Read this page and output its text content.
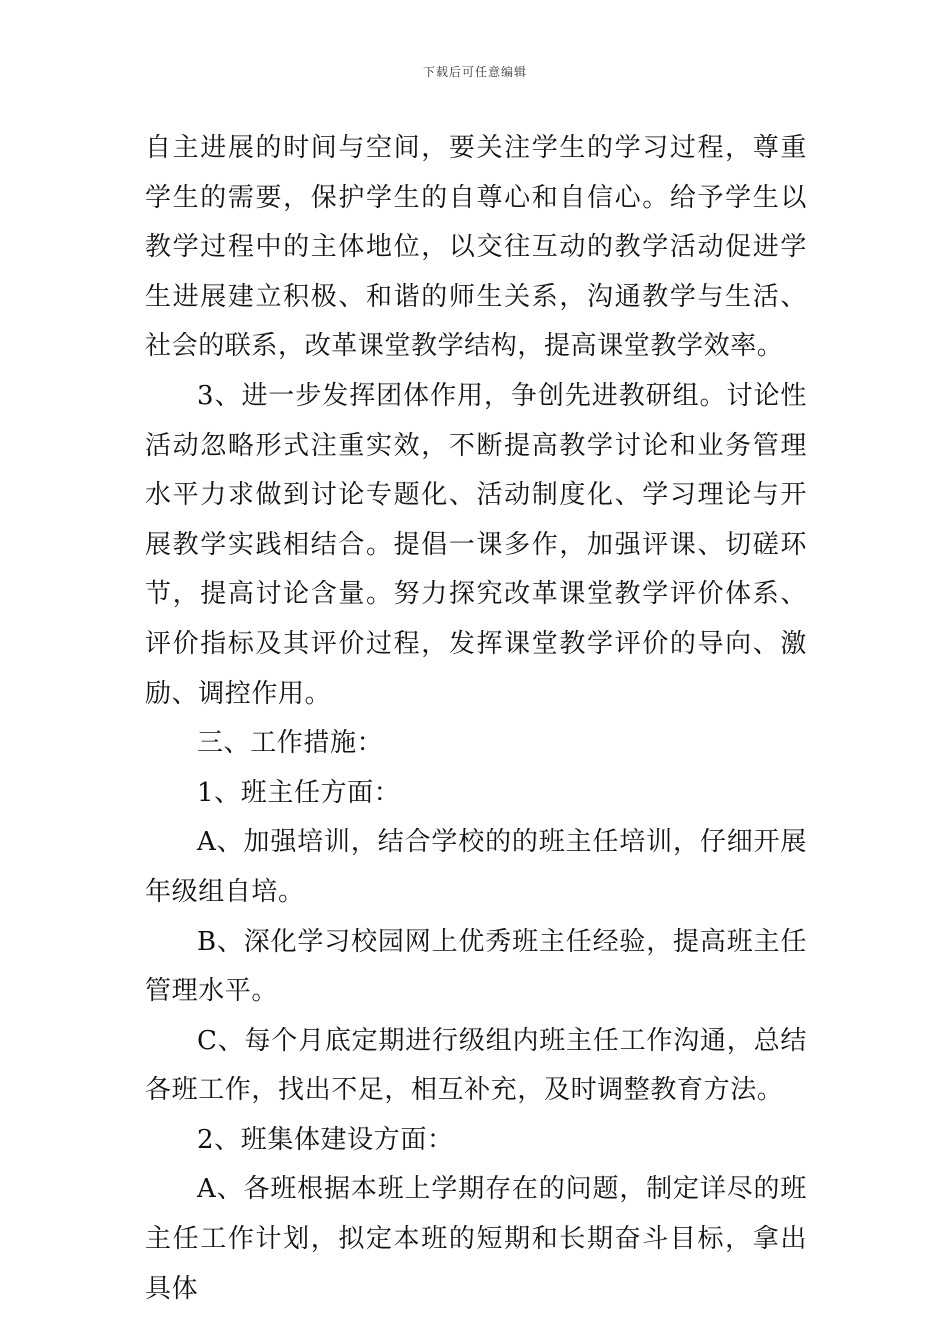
下载后可任意编辑

自主进展的时间与空间，要关注学生的学习过程，尊重学生的需要，保护学生的自尊心和自信心。给予学生以教学过程中的主体地位，以交往互动的教学活动促进学生进展建立积极、和谐的师生关系，沟通教学与生活、社会的联系，改革课堂教学结构，提高课堂教学效率。

3、进一步发挥团体作用，争创先进教研组。讨论性活动忽略形式注重实效，不断提高教学讨论和业务管理水平力求做到讨论专题化、活动制度化、学习理论与开展教学实践相结合。提倡一课多作，加强评课、切磋环节，提高讨论含量。努力探究改革课堂教学评价体系、评价指标及其评价过程，发挥课堂教学评价的导向、激励、调控作用。

三、工作措施：

1、班主任方面：

A、加强培训，结合学校的的班主任培训，仔细开展年级组自培。

B、深化学习校园网上优秀班主任经验，提高班主任管理水平。

C、每个月底定期进行级组内班主任工作沟通，总结各班工作，找出不足，相互补充，及时调整教育方法。

2、班集体建设方面：

A、各班根据本班上学期存在的问题，制定详尽的班主任工作计划，拟定本班的短期和长期奋斗目标，拿出具体
